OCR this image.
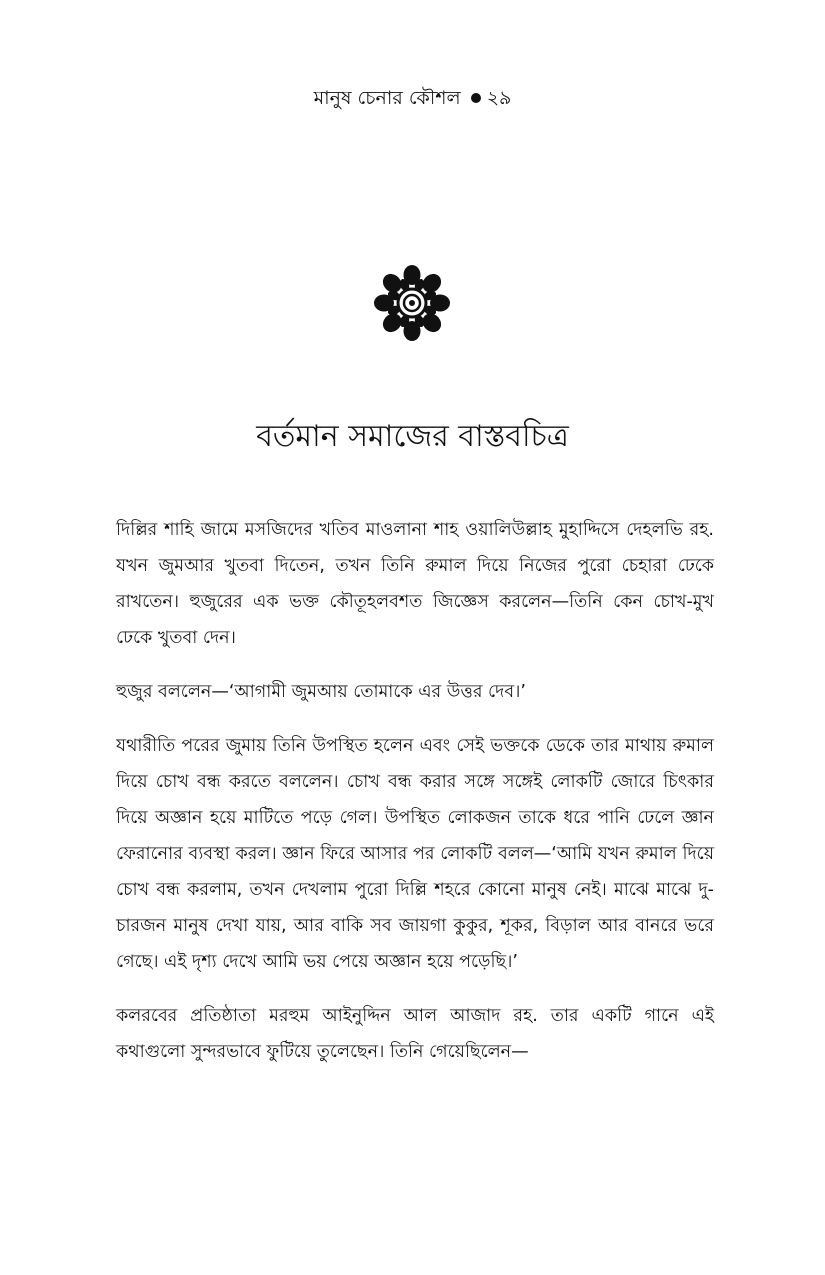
মানুষ চেনার কৌশল ২৯
বর্তমান সমাজের বাস্তবচিত্র

দিল্লির শাহি জামে মসজিদের খতিব মাওলানা শাহ ওয়ালিউল্লাহ মুহাদ্দিসে দেহলভি রহ. যখন জুমআর খুতবা দিতেন, তখন তিনি রুমাল দিয়ে নিজের পুরো চেহারা ঢেকে রাখতেন। হুজুরের এক ভক্ত কৌতূহলবশত জিজ্ঞেস করলেন—তিনি কেন চোখ-মুখ ঢেকে খুতবা দেন।

হুজুর বললেন—‘আগামী জুমআয় তোমাকে এর উত্তর দেব।’

যথারীতি পরের জুমায় তিনি উপস্থিত হলেন এবং সেই ভক্তকে ডেকে তার মাথায় রুমাল দিয়ে চোখ বন্ধ করতে বললেন। চোখ বন্ধ করার সঙ্গে সঙ্গেই লোকটি জোরে চিৎকার দিয়ে অজ্ঞান হয়ে মাটিতে পড়ে গেল। উপস্থিত লোকজন তাকে ধরে পানি ঢেলে জ্ঞান ফেরানোর ব্যবস্থা করল। জ্ঞান ফিরে আসার পর লোকটি বলল—‘আমি যখন রুমাল দিয়ে চোখ বন্ধ করলাম, তখন দেখলাম পুরো দিল্লি শহরে কোনো মানুষ নেই। মাঝে মাঝে দু-চারজন মানুষ দেখা যায়, আর বাকি সব জায়গা কুকুর, শূকর, বিড়াল আর বানরে ভরে গেছে। এই দৃশ্য দেখে আমি ভয় পেয়ে অজ্ঞান হয়ে পড়েছি।’

কলরবের প্রতিষ্ঠাতা মরহুম আইনুদ্দিন আল আজাদ রহ. তার একটি গানে এই কথাগুলো সুন্দরভাবে ফুটিয়ে তুলেছেন। তিনি গেয়েছিলেন—
